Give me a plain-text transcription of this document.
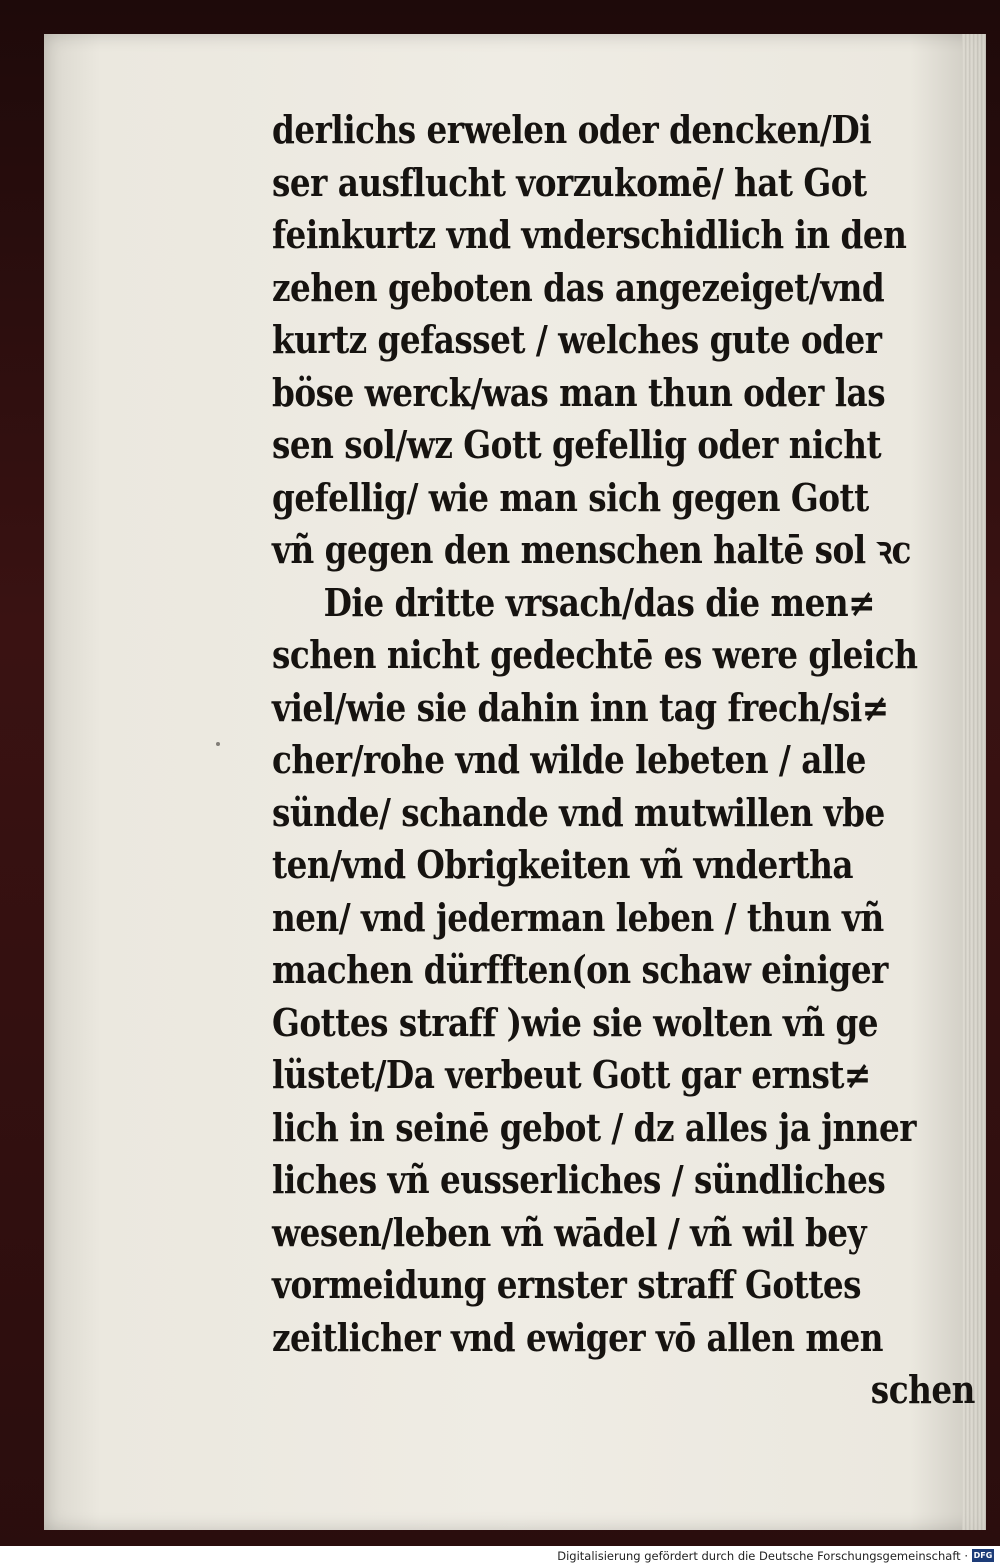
derlichs erwelen oder dencken/Di
ser ausflucht vorzukomē/ hat Got
feinkurtz vnd vnderschidlich in den
zehen geboten das angezeiget/vnd
kurtz gefasset / welches gute oder
böse werck/was man thun oder las
sen sol/wz Gott gefellig oder nicht
gefellig/ wie man sich gegen Gott
vñ gegen den menschen haltē sol ꝛc
Die dritte vrsach/das die men≠
schen nicht gedechtē es were gleich
viel/wie sie dahin inn tag frech/si≠
cher/rohe vnd wilde lebeten / alle
sünde/ schande vnd mutwillen vbe
ten/vnd Obrigkeiten vñ vndertha
nen/ vnd jederman leben / thun vñ
machen dürfften(on schaw einiger
Gottes straff )wie sie wolten vñ ge
lüstet/Da verbeut Gott gar ernst≠
lich in seinē gebot / dz alles ja jnner
liches vñ eusserliches / sündliches
wesen/leben vñ wādel / vñ wil bey
vormeidung ernster straff Gottes
zeitlicher vnd ewiger vō allen men
schen
Digitalisierung gefördert durch die Deutsche Forschungsgemeinschaft · DFG
